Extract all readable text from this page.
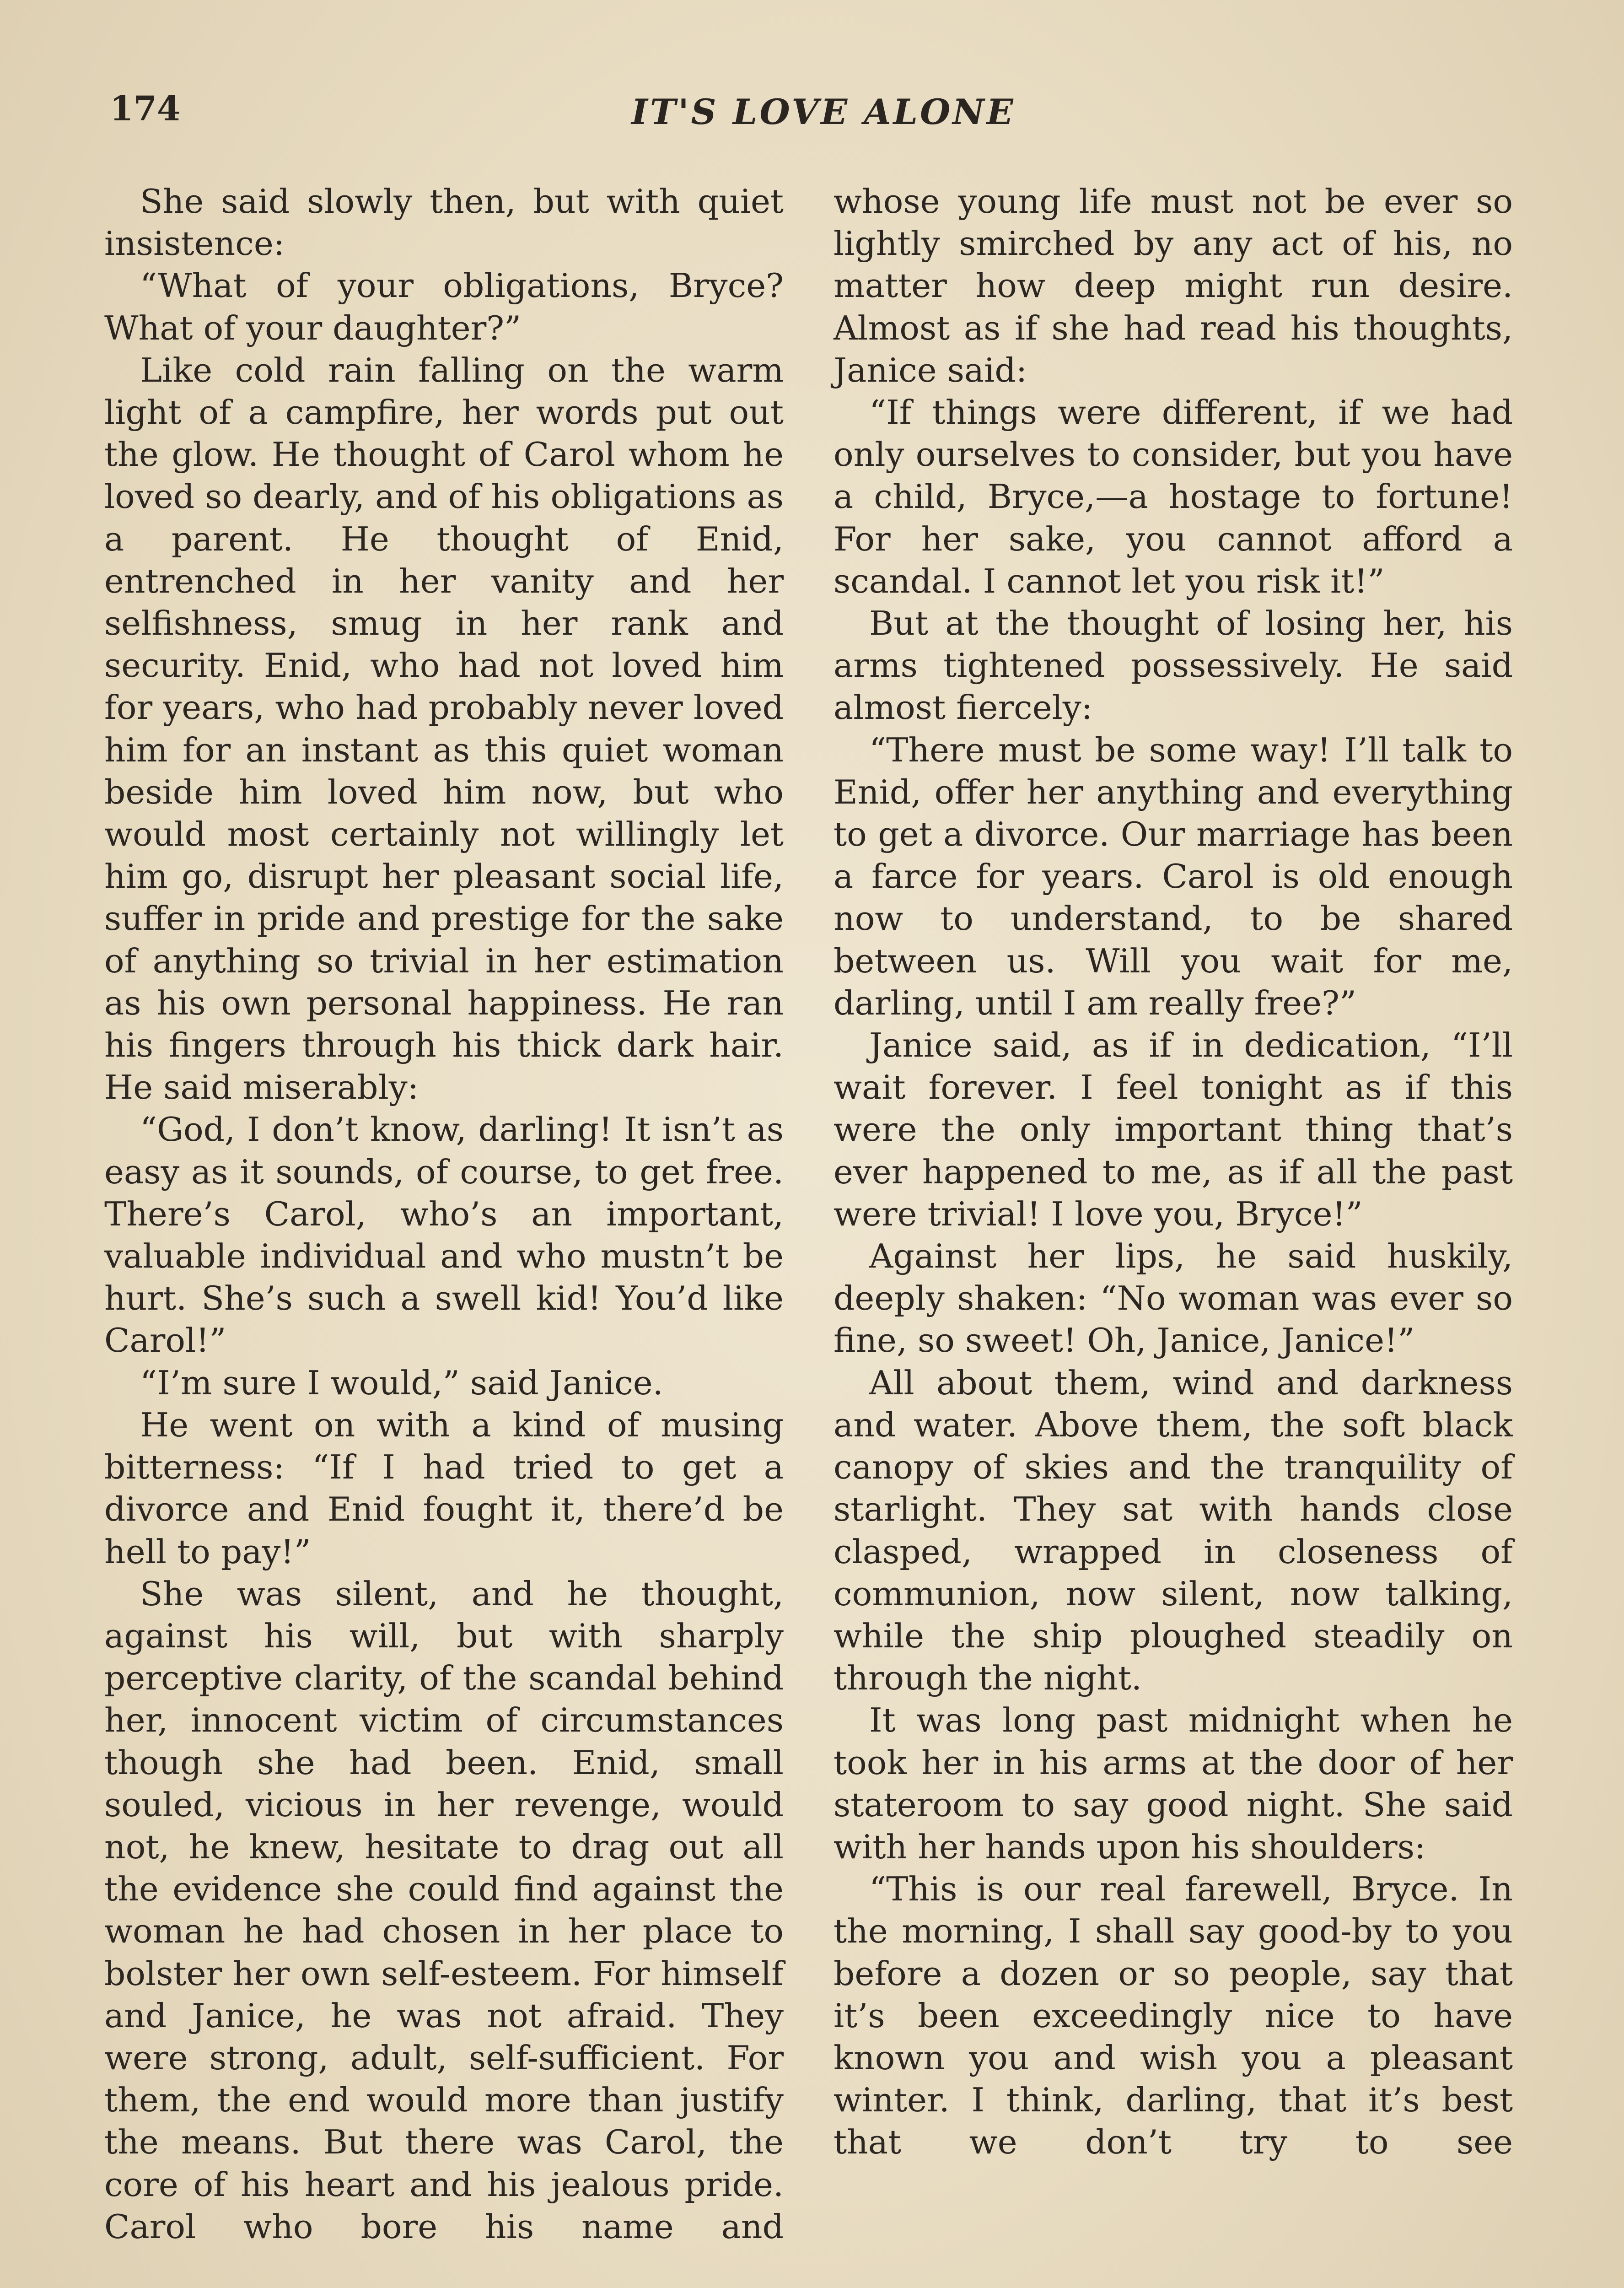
174	IT'S LOVE ALONE

She said slowly then, but with quiet insistence:

“What of your obligations, Bryce? What of your daughter?”

Like cold rain falling on the warm light of a campfire, her words put out the glow. He thought of Carol whom he loved so dearly, and of his obligations as a parent. He thought of Enid, entrenched in her vanity and her selfishness, smug in her rank and security. Enid, who had not loved him for years, who had probably never loved him for an instant as this quiet woman beside him loved him now, but who would most certainly not willingly let him go, disrupt her pleasant social life, suffer in pride and prestige for the sake of anything so trivial in her estimation as his own personal happiness. He ran his fingers through his thick dark hair. He said miserably:

“God, I don’t know, darling! It isn’t as easy as it sounds, of course, to get free. There’s Carol, who’s an important, valuable individual and who mustn’t be hurt. She’s such a swell kid! You’d like Carol!”

“I’m sure I would,” said Janice.

He went on with a kind of musing bitterness: “If I had tried to get a divorce and Enid fought it, there’d be hell to pay!”

She was silent, and he thought, against his will, but with sharply perceptive clarity, of the scandal behind her, innocent victim of circumstances though she had been. Enid, small souled, vicious in her revenge, would not, he knew, hesitate to drag out all the evidence she could find against the woman he had chosen in her place to bolster her own self-esteem. For himself and Janice, he was not afraid. They were strong, adult, self-sufficient. For them, the end would more than justify the means. But there was Carol, the core of his heart and his jealous pride. Carol who bore his name and

whose young life must not be ever so lightly smirched by any act of his, no matter how deep might run desire. Almost as if she had read his thoughts, Janice said:

“If things were different, if we had only ourselves to consider, but you have a child, Bryce,—a hostage to fortune! For her sake, you cannot afford a scandal. I cannot let you risk it!”

But at the thought of losing her, his arms tightened possessively. He said almost fiercely:

“There must be some way! I’ll talk to Enid, offer her anything and everything to get a divorce. Our marriage has been a farce for years. Carol is old enough now to understand, to be shared between us. Will you wait for me, darling, until I am really free?”

Janice said, as if in dedication, “I’ll wait forever. I feel tonight as if this were the only important thing that’s ever happened to me, as if all the past were trivial! I love you, Bryce!”

Against her lips, he said huskily, deeply shaken: “No woman was ever so fine, so sweet! Oh, Janice, Janice!”

All about them, wind and darkness and water. Above them, the soft black canopy of skies and the tranquility of starlight. They sat with hands close clasped, wrapped in closeness of communion, now silent, now talking, while the ship ploughed steadily on through the night.

It was long past midnight when he took her in his arms at the door of her stateroom to say good night. She said with her hands upon his shoulders:

“This is our real farewell, Bryce. In the morning, I shall say good-by to you before a dozen or so people, say that it’s been exceedingly nice to have known you and wish you a pleasant winter. I think, darling, that it’s best that we don’t try to see
